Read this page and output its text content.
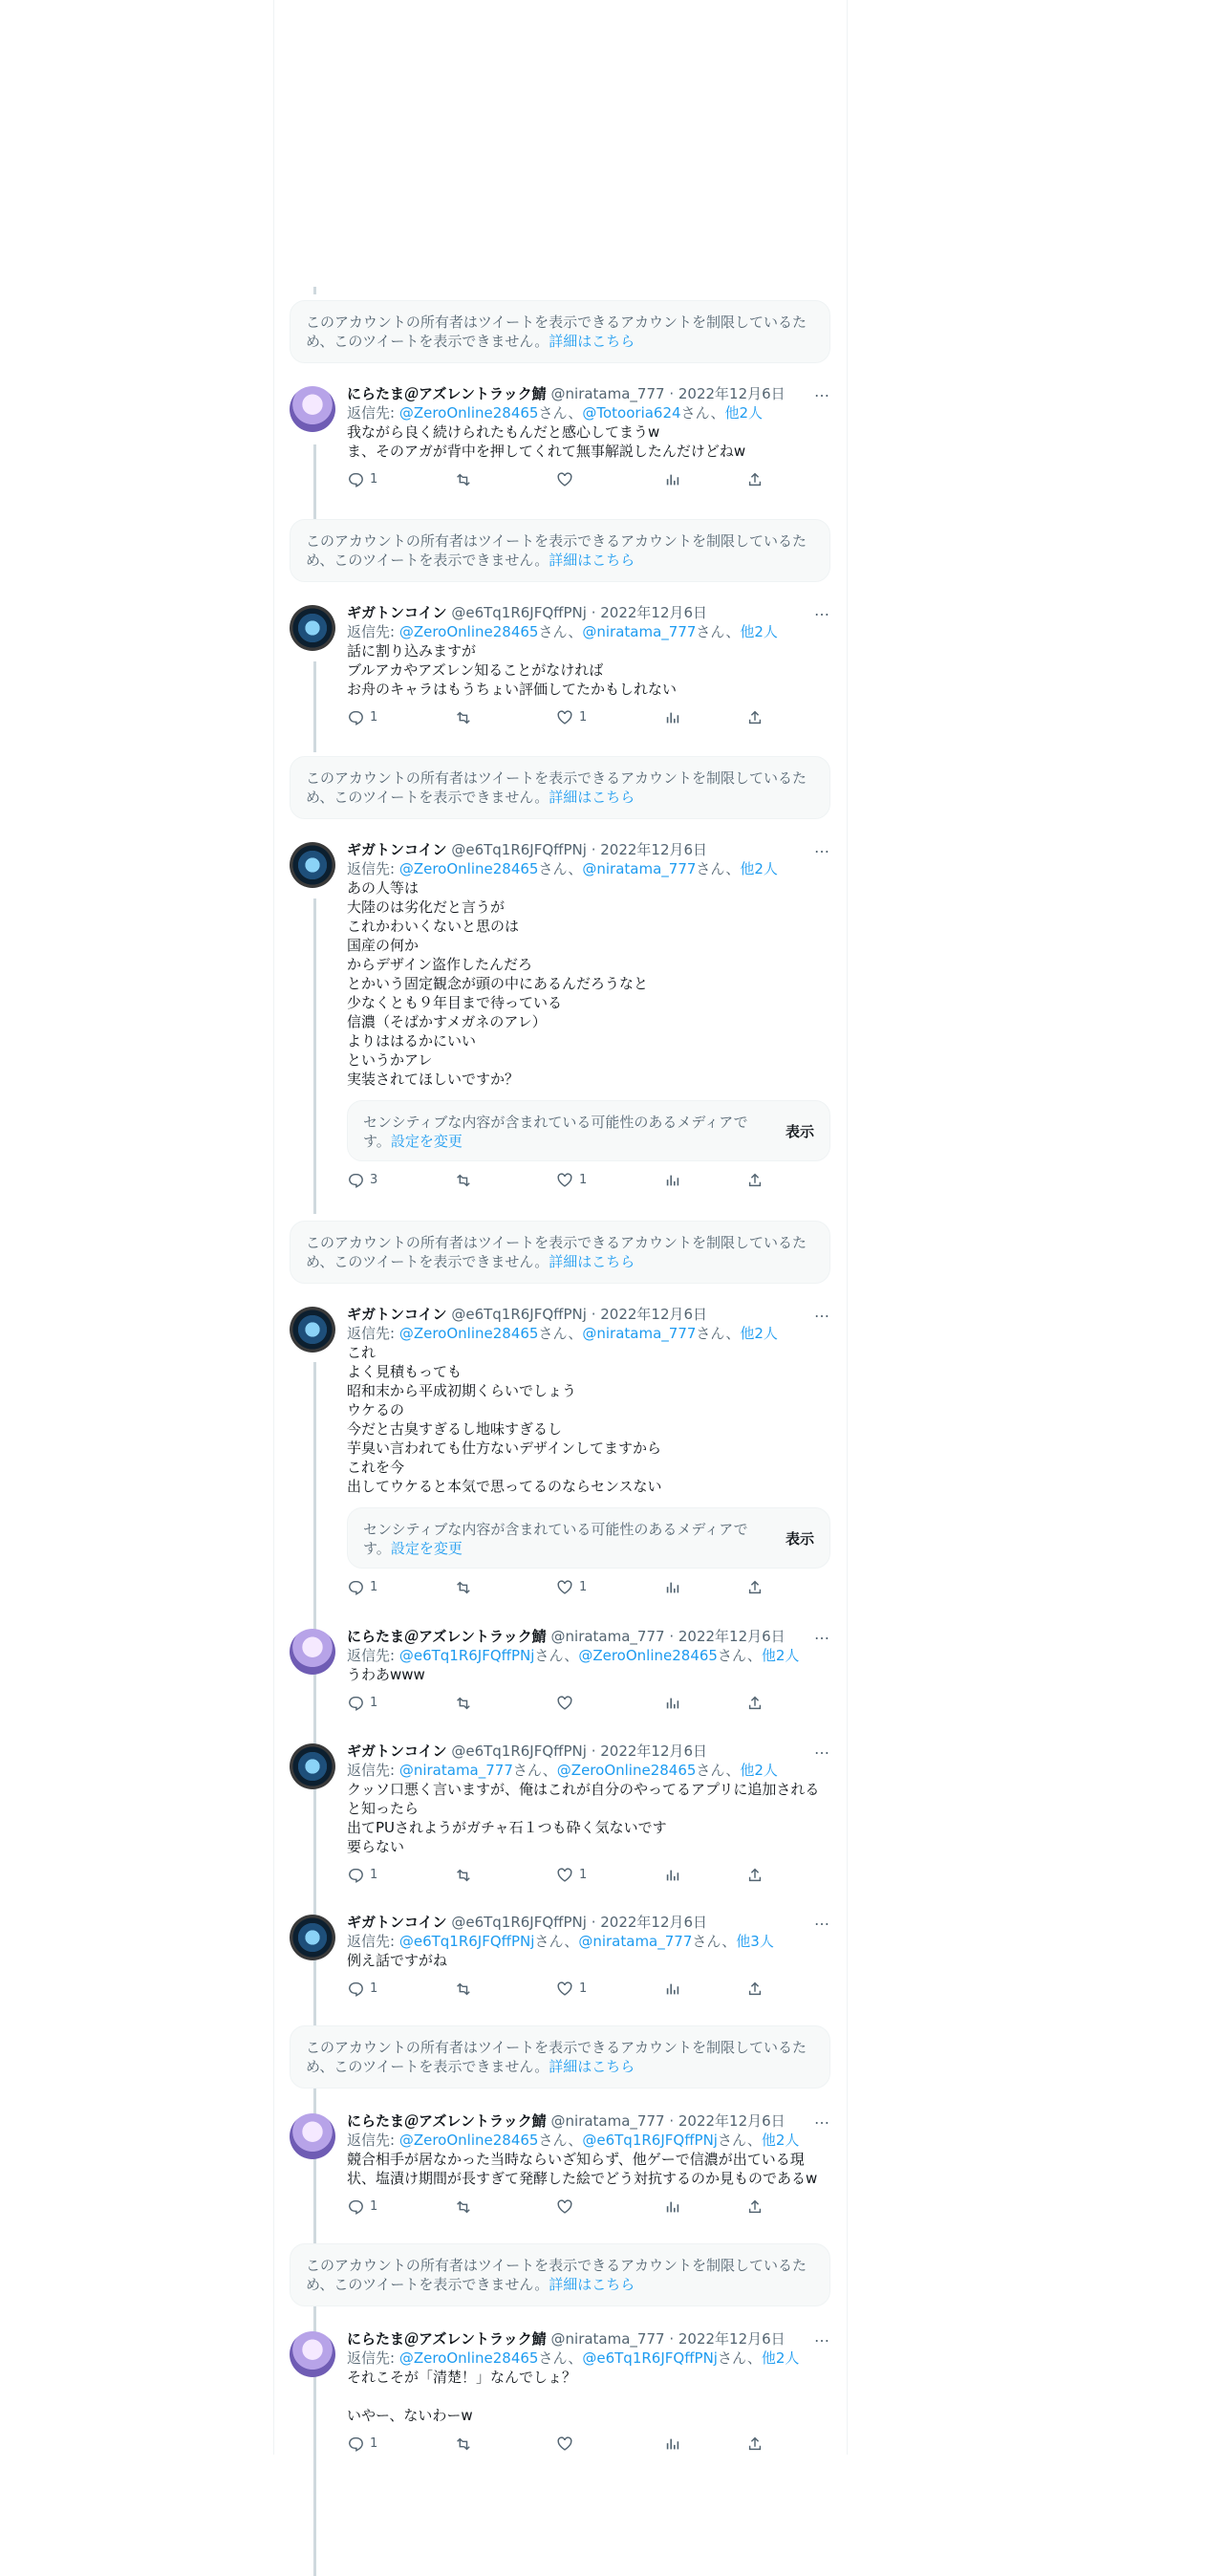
このアカウントの所有者はツイートを表示できるアカウントを制限しているため、このツイートを表示できません。詳細はこちら
このアカウントの所有者はツイートを表示できるアカウントを制限しているため、このツイートを表示できません。詳細はこちら
このアカウントの所有者はツイートを表示できるアカウントを制限しているため、このツイートを表示できません。詳細はこちら
このアカウントの所有者はツイートを表示できるアカウントを制限しているため、このツイートを表示できません。詳細はこちら
このアカウントの所有者はツイートを表示できるアカウントを制限しているため、このツイートを表示できません。詳細はこちら
このアカウントの所有者はツイートを表示できるアカウントを制限しているため、このツイートを表示できません。詳細はこちら
にらたま＠アズレントラック鯖 @niratama_777 · 2022年12月6日 …
返信先: @ZeroOnline28465さん、@Totooria624さん、他2人
我ながら良く続けられたもんだと感心してまうw
ま、そのアガが背中を押してくれて無事解説したんだけどねw
1
ギガトンコイン @e6Tq1R6JFQffPNj · 2022年12月6日	…
返信先: @ZeroOnline28465さん、@niratama_777さん、他2人
話に割り込みますが
ブルアカやアズレン知ることがなければ
お舟のキャラはもうちょい評価してたかもしれない
1	1
ギガトンコイン @e6Tq1R6JFQffPNj · 2022年12月6日	…
返信先: @ZeroOnline28465さん、@niratama_777さん、他2人
あの人等は
大陸のは劣化だと言うが
これかわいくないと思のは
国産の何か
からデザイン盗作したんだろ
とかいう固定観念が頭の中にあるんだろうなと
少なくとも９年目まで待っている
信濃（そばかすメガネのアレ）
よりははるかにいい
というかアレ
実装されてほしいですか？
センシティブな内容が含まれている可能性のあるメディアです。設定を変更
表示
3	1
ギガトンコイン @e6Tq1R6JFQffPNj · 2022年12月6日	…
返信先: @ZeroOnline28465さん、@niratama_777さん、他2人
これ
よく見積もっても
昭和末から平成初期くらいでしょう
ウケるの
今だと古臭すぎるし地味すぎるし
芋臭い言われても仕方ないデザインしてますから
これを今
出してウケると本気で思ってるのならセンスない
センシティブな内容が含まれている可能性のあるメディアです。設定を変更
表示
1	1
にらたま＠アズレントラック鯖 @niratama_777 · 2022年12月6日 …
返信先: @e6Tq1R6JFQffPNjさん、@ZeroOnline28465さん、他2人
うわあwww
1
ギガトンコイン @e6Tq1R6JFQffPNj · 2022年12月6日	…
返信先: @niratama_777さん、@ZeroOnline28465さん、他2人
クッソ口悪く言いますが、俺はこれが自分のやってるアプリに追加されると知ったら
出てPUされようがガチャ石１つも砕く気ないです
要らない
1	1
ギガトンコイン @e6Tq1R6JFQffPNj · 2022年12月6日	…
返信先: @e6Tq1R6JFQffPNjさん、@niratama_777さん、他3人
例え話ですがね
1	1
にらたま＠アズレントラック鯖 @niratama_777 · 2022年12月6日 …
返信先: @ZeroOnline28465さん、@e6Tq1R6JFQffPNjさん、他2人
競合相手が居なかった当時ならいざ知らず、他ゲーで信濃が出ている現状、塩漬け期間が長すぎて発酵した絵でどう対抗するのか見ものであるw
1
にらたま＠アズレントラック鯖 @niratama_777 · 2022年12月6日 …
返信先: @ZeroOnline28465さん、@e6Tq1R6JFQffPNjさん、他2人
それこそが「清楚！」なんでしょ？

いやー、ないわーw
1
